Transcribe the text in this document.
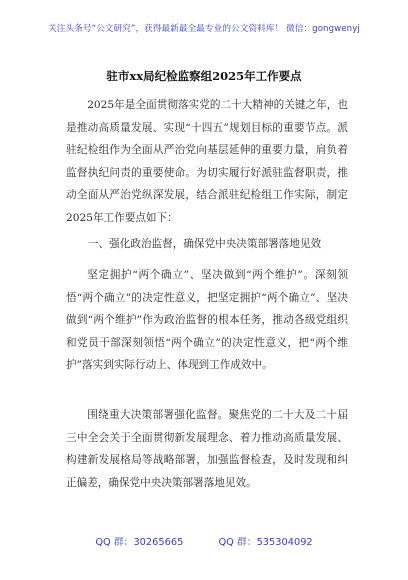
关注头条号“公文研究”，获得最新最全最专业的公文资料库！ 微信：gongwenyj
驻市xx局纪检监察组2025年工作要点
2025年是全面贯彻落实党的二十大精神的关键之年，也是推动高质量发展、实现“十四五”规划目标的重要节点。派驻纪检组作为全面从严治党向基层延伸的重要力量，肩负着监督执纪问责的重要使命。为切实履行好派驻监督职责，推动全面从严治党纵深发展，结合派驻纪检组工作实际，制定2025年工作要点如下：
一、强化政治监督，确保党中央决策部署落地见效
坚定拥护“两个确立”、坚决做到“两个维护”。深刻领悟“两个确立”的决定性意义，把坚定拥护“两个确立”、坚决做到“两个维护”作为政治监督的根本任务，推动各级党组织和党员干部深刻领悟“两个确立”的决定性意义，把“两个维护”落实到实际行动上、体现到工作成效中。
围绕重大决策部署强化监督。聚焦党的二十大及二十届三中全会关于全面贯彻新发展理念、着力推动高质量发展、构建新发展格局等战略部署，加强监督检查，及时发现和纠正偏差，确保党中央决策部署落地见效。
QQ 群：30265665	QQ 群：535304092
